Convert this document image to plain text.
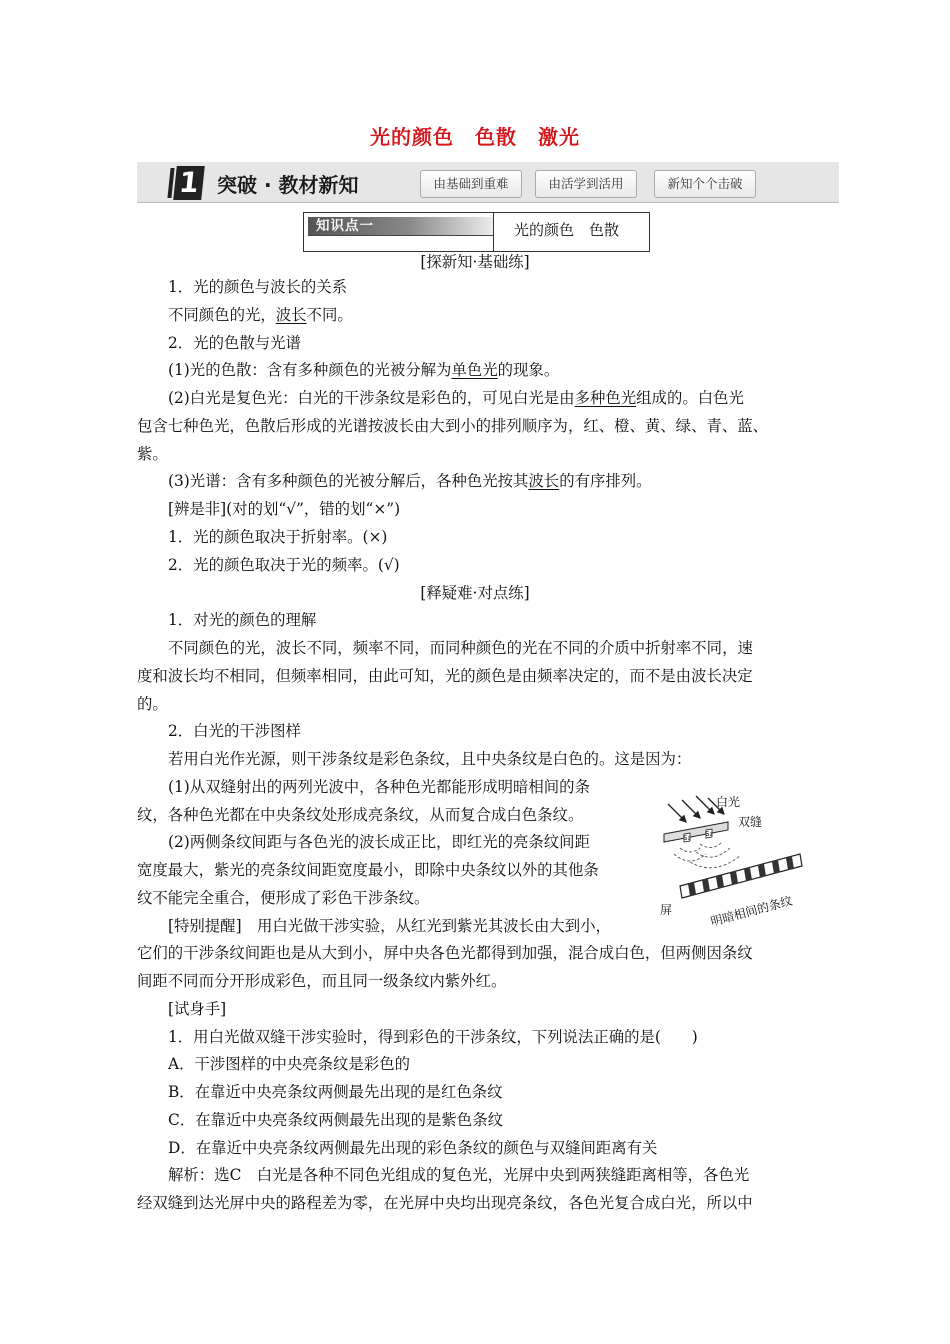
光的颜色　色散　激光
1 突破 · 教材新知	由基础到重难	由活学到活用	新知个个击破
知识点一	光的颜色　色散
[探新知·基础练]
1．光的颜色与波长的关系
不同颜色的光，波长不同。
2．光的色散与光谱
(1)光的色散：含有多种颜色的光被分解为单色光的现象。
(2)白光是复色光：白光的干涉条纹是彩色的，可见白光是由多种色光组成的。白色光
包含七种色光，色散后形成的光谱按波长由大到小的排列顺序为，红、橙、黄、绿、青、蓝、
紫。
(3)光谱：含有多种颜色的光被分解后，各种色光按其波长的有序排列。
[辨是非](对的划“√”，错的划“×”)
1．光的颜色取决于折射率。(×)
2．光的颜色取决于光的频率。(√)
[释疑难·对点练]
1．对光的颜色的理解
不同颜色的光，波长不同，频率不同，而同种颜色的光在不同的介质中折射率不同，速
度和波长均不相同，但频率相同，由此可知，光的颜色是由频率决定的，而不是由波长决定
的。
2．白光的干涉图样
若用白光作光源，则干涉条纹是彩色条纹，且中央条纹是白色的。这是因为：
(1)从双缝射出的两列光波中，各种色光都能形成明暗相间的条
纹，各种色光都在中央条纹处形成亮条纹，从而复合成白色条纹。
(2)两侧条纹间距与各色光的波长成正比，即红光的亮条纹间距
宽度最大，紫光的亮条纹间距宽度最小，即除中央条纹以外的其他条
纹不能完全重合，便形成了彩色干涉条纹。
[特别提醒]　用白光做干涉实验，从红光到紫光其波长由大到小，
它们的干涉条纹间距也是从大到小，屏中央各色光都得到加强，混合成白色，但两侧因条纹
间距不同而分开形成彩色，而且同一级条纹内紫外红。
[试身手]
1．用白光做双缝干涉实验时，得到彩色的干涉条纹，下列说法正确的是(　　)
A．干涉图样的中央亮条纹是彩色的
B．在靠近中央亮条纹两侧最先出现的是红色条纹
C．在靠近中央亮条纹两侧最先出现的是紫色条纹
D．在靠近中央亮条纹两侧最先出现的彩色条纹的颜色与双缝间距离有关
解析：选C　白光是各种不同色光组成的复色光，光屏中央到两狭缝距离相等，各色光
经双缝到达光屏中央的路程差为零，在光屏中央均出现亮条纹，各色光复合成白光，所以中
白光
双缝
S₁ S₂
屏	明暗相间的条纹
